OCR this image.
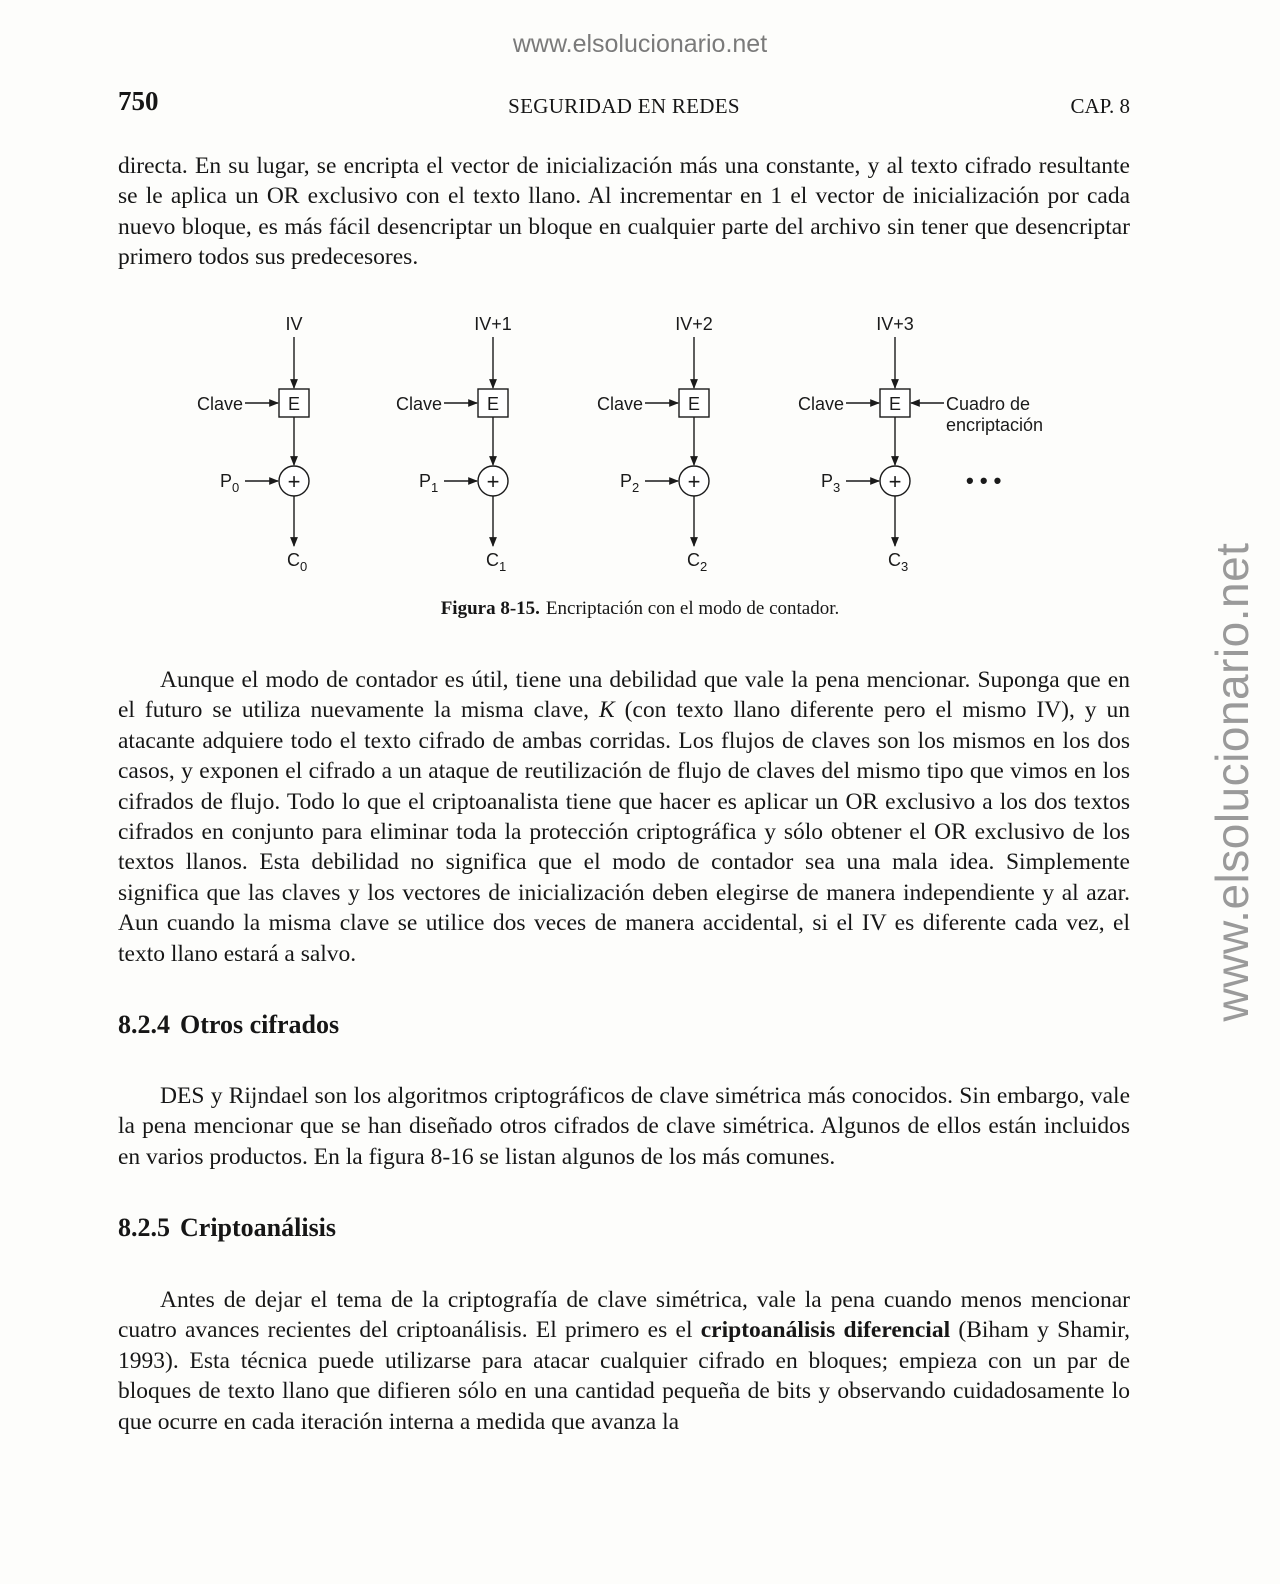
www.elsolucionario.net
www.elsolucionario.net
SEGURIDAD EN REDES
750	CAP. 8

directa. En su lugar, se encripta el vector de inicialización más una constante, y al texto cifrado resultante se le aplica un OR exclusivo con el texto llano. Al incrementar en 1 el vector de inicialización por cada nuevo bloque, es más fácil desencriptar un bloque en cualquier parte del archivo sin tener que desencriptar primero todos sus predecesores.

IV
E
Clave
+
$P_0$
$C_0$
IV+1
E
Clave
+
$P_1$
$C_1$
IV+2
E
Clave
+
$P_2$
$C_2$
IV+3
E
Clave
+
$P_3$
$C_3$
Cuadro de
encriptación
• • •
Figura 8-15. Encriptación con el modo de contador.

Aunque el modo de contador es útil, tiene una debilidad que vale la pena mencionar. Suponga que en el futuro se utiliza nuevamente la misma clave, K (con texto llano diferente pero el mismo IV), y un atacante adquiere todo el texto cifrado de ambas corridas. Los flujos de claves son los mismos en los dos casos, y exponen el cifrado a un ataque de reutilización de flujo de claves del mismo tipo que vimos en los cifrados de flujo. Todo lo que el criptoanalista tiene que hacer es aplicar un OR exclusivo a los dos textos cifrados en conjunto para eliminar toda la protección criptográfica y sólo obtener el OR exclusivo de los textos llanos. Esta debilidad no significa que el modo de contador sea una mala idea. Simplemente significa que las claves y los vectores de inicialización deben elegirse de manera independiente y al azar. Aun cuando la misma clave se utilice dos veces de manera accidental, si el IV es diferente cada vez, el texto llano estará a salvo.

8.2.4 Otros cifrados

DES y Rijndael son los algoritmos criptográficos de clave simétrica más conocidos. Sin embargo, vale la pena mencionar que se han diseñado otros cifrados de clave simétrica. Algunos de ellos están incluidos en varios productos. En la figura 8-16 se listan algunos de los más comunes.

8.2.5 Criptoanálisis

Antes de dejar el tema de la criptografía de clave simétrica, vale la pena cuando menos mencionar cuatro avances recientes del criptoanálisis. El primero es el criptoanálisis diferencial (Biham y Shamir, 1993). Esta técnica puede utilizarse para atacar cualquier cifrado en bloques; empieza con un par de bloques de texto llano que difieren sólo en una cantidad pequeña de bits y observando cuidadosamente lo que ocurre en cada iteración interna a medida que avanza la
